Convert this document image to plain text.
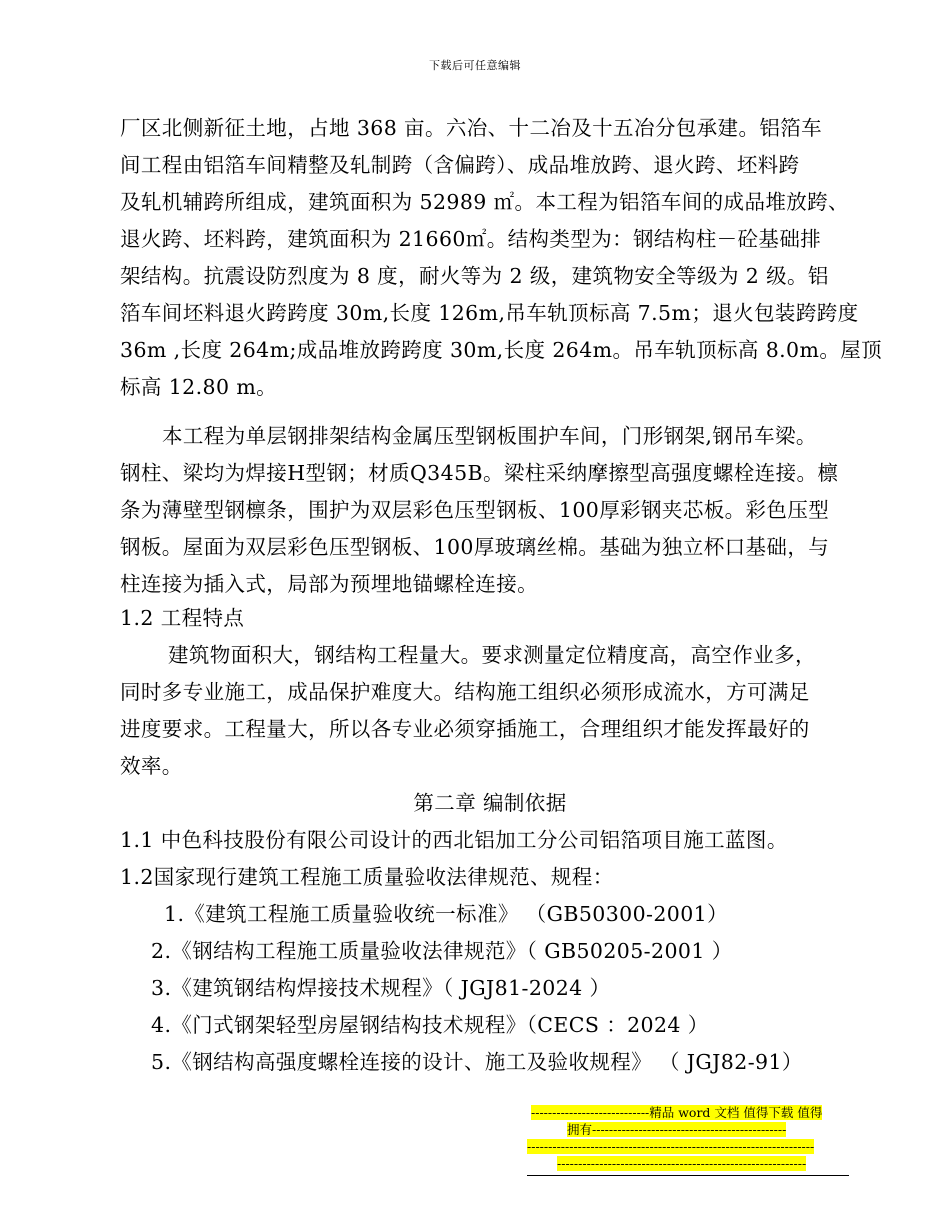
下载后可任意编辑
厂区北侧新征土地，占地 368 亩。六冶、十二冶及十五冶分包承建。铝箔车
间工程由铝箔车间精整及轧制跨（含偏跨）、成品堆放跨、退火跨、坯料跨
及轧机辅跨所组成，建筑面积为 52989 ㎡。本工程为铝箔车间的成品堆放跨、
退火跨、坯料跨，建筑面积为 21660㎡。结构类型为：钢结构柱－砼基础排
架结构。抗震设防烈度为 8 度，耐火等为 2 级，建筑物安全等级为 2 级。铝
箔车间坯料退火跨跨度 30m,长度 126m,吊车轨顶标高 7.5m；退火包装跨跨度
36m ,长度 264m;成品堆放跨跨度 30m,长度 264m。吊车轨顶标高 8.0m。屋顶
标高 12.80 m。
本工程为单层钢排架结构金属压型钢板围护车间，门形钢架,钢吊车梁。
钢柱、梁均为焊接H型钢；材质Q345B。梁柱采纳摩擦型高强度螺栓连接。檩
条为薄壁型钢檩条，围护为双层彩色压型钢板、100厚彩钢夹芯板。彩色压型
钢板。屋面为双层彩色压型钢板、100厚玻璃丝棉。基础为独立杯口基础，与
柱连接为插入式，局部为预埋地锚螺栓连接。
1.2 工程特点
建筑物面积大，钢结构工程量大。要求测量定位精度高，高空作业多，
同时多专业施工，成品保护难度大。结构施工组织必须形成流水，方可满足
进度要求。工程量大，所以各专业必须穿插施工，合理组织才能发挥最好的
效率。
第二章 编制依据
1.1 中色科技股份有限公司设计的西北铝加工分公司铝箔项目施工蓝图。
1.2国家现行建筑工程施工质量验收法律规范、规程：
1.《建筑工程施工质量验收统一标准》 （GB50300-2001）
2.《钢结构工程施工质量验收法律规范》（ GB50205-2001 ）
3.《建筑钢结构焊接技术规程》（ JGJ81-2024 ）
4.《门式钢架轻型房屋钢结构技术规程》（CECS ：2024 ）
5.《钢结构高强度螺栓连接的设计、施工及验收规程》 （ JGJ82-91）
----------------------------精品 word 文档 值得下载 值得
拥有----------------------------------------------
--------------------------------------------------------------------
-----------------------------------------------------------
